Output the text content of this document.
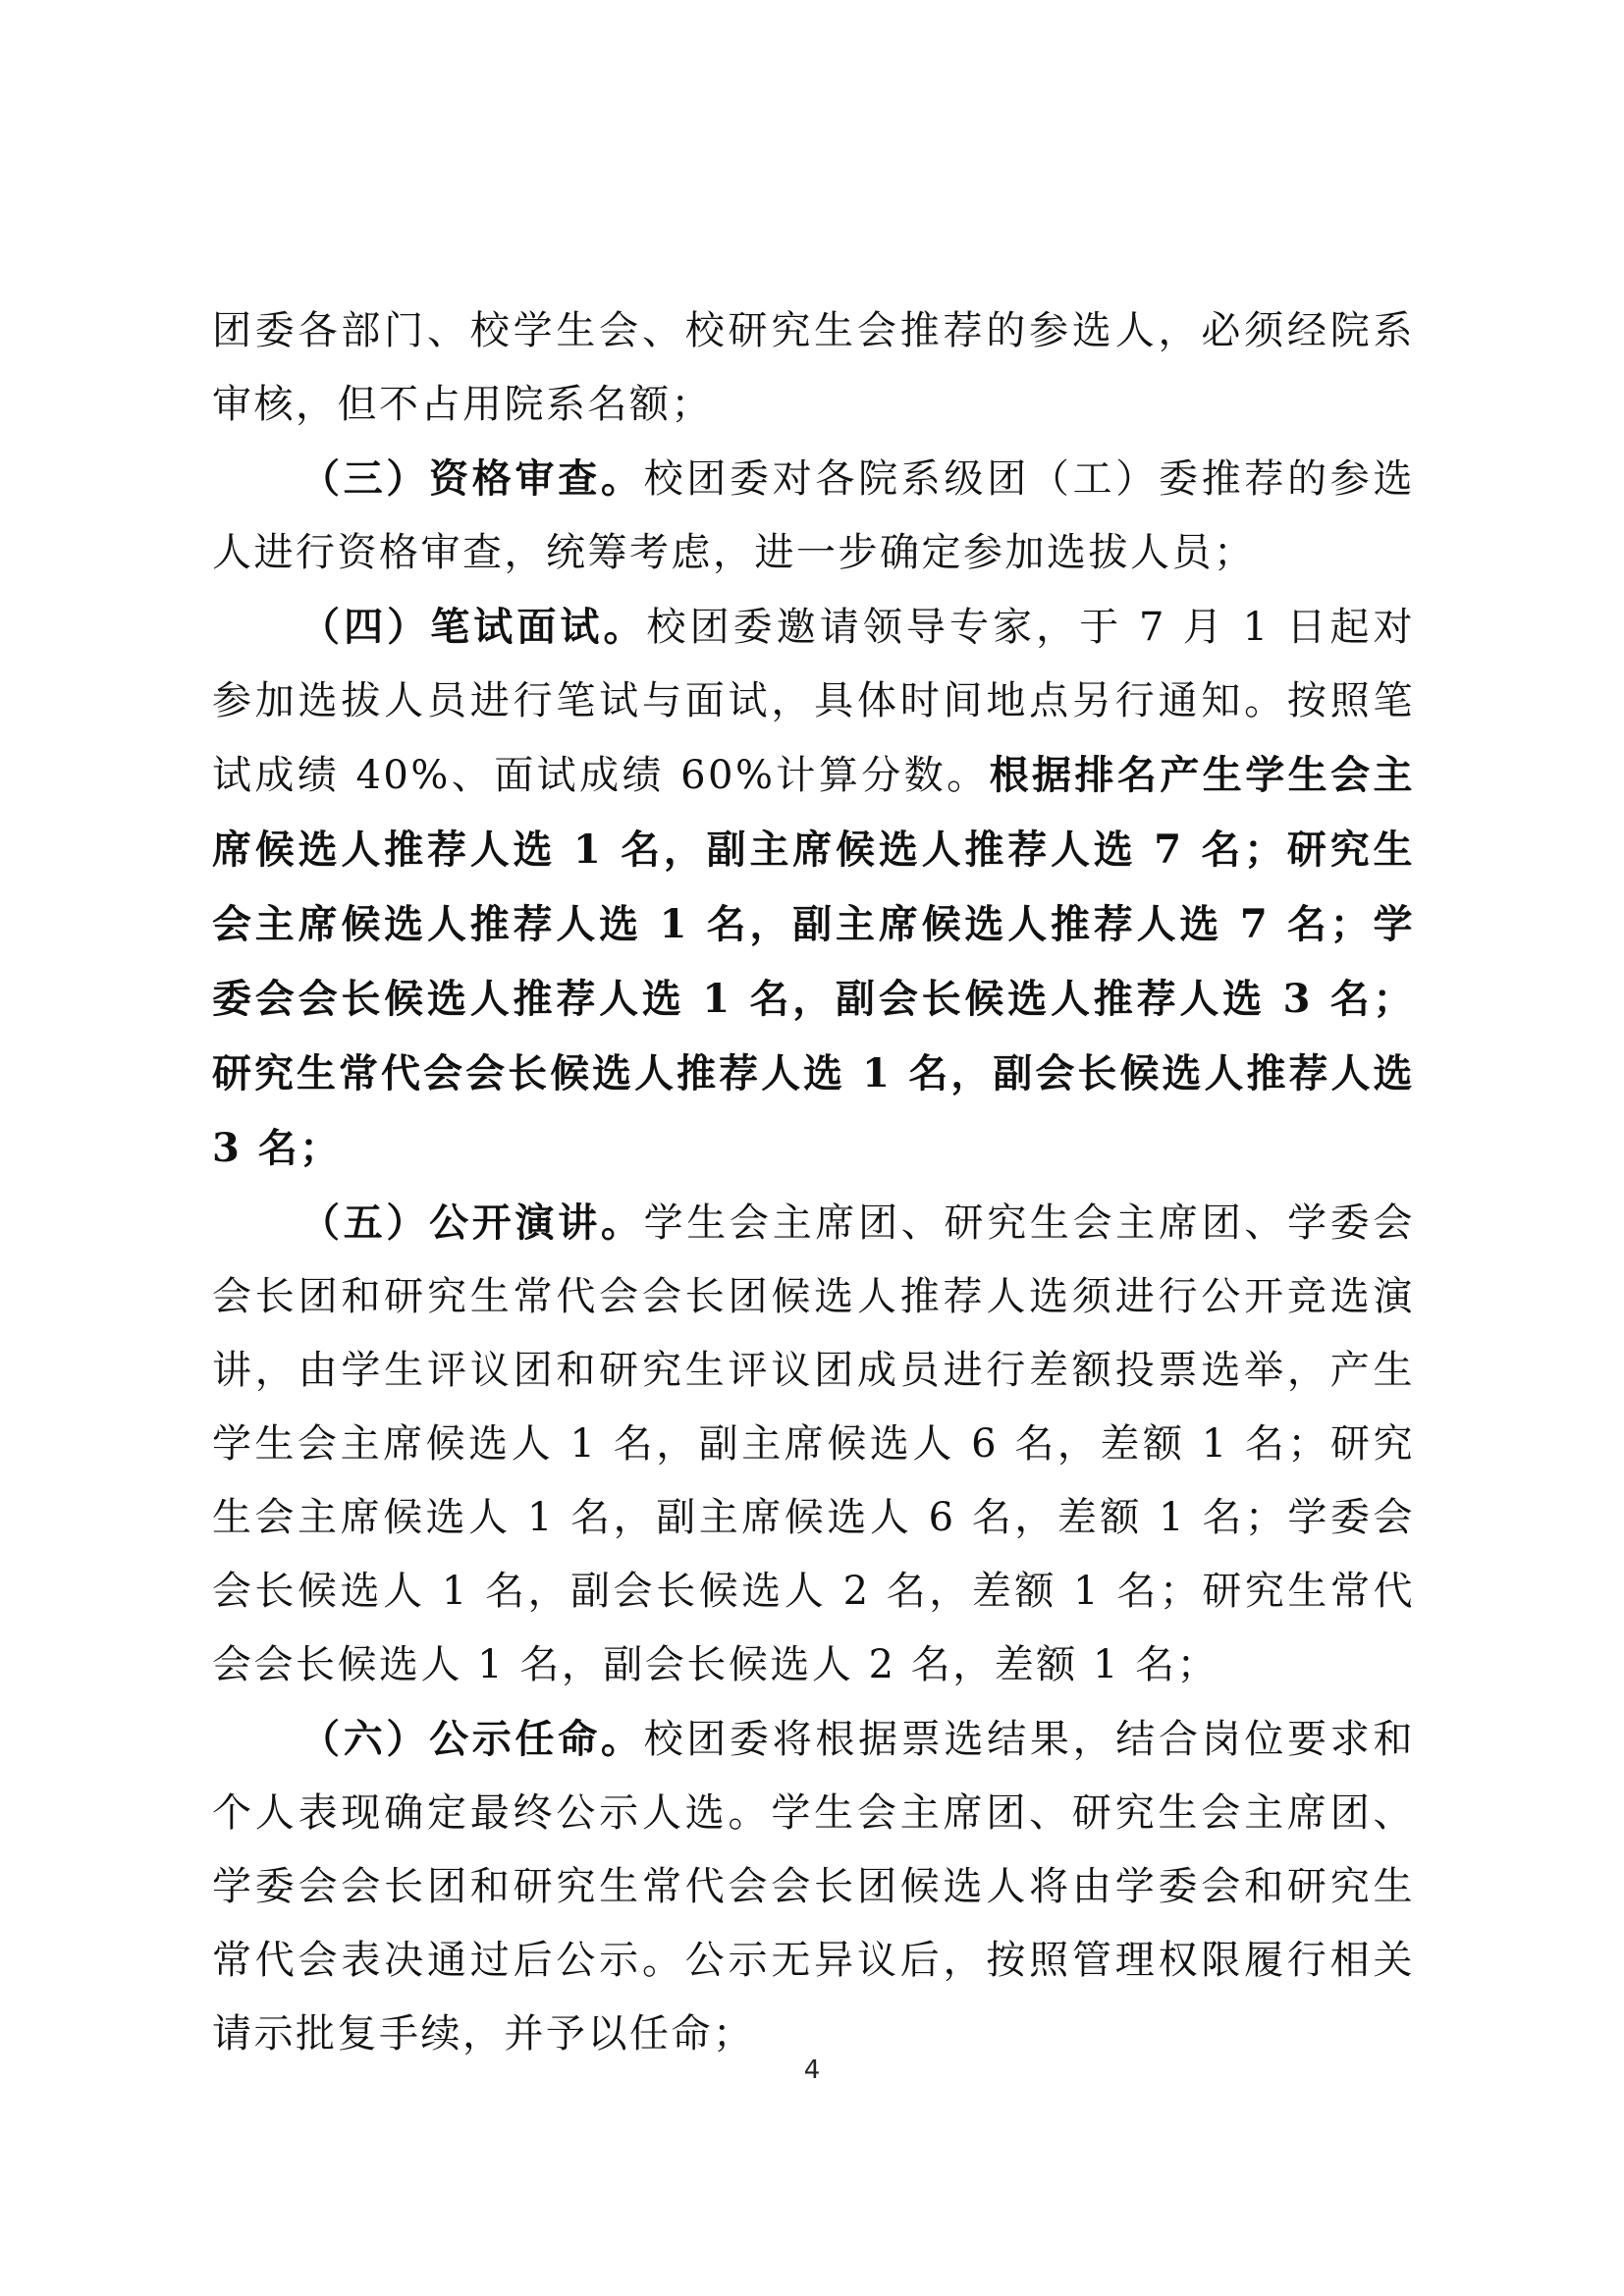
团委各部门、校学生会、校研究生会推荐的参选人，必须经院系审核，但不占用院系名额；

（三）资格审查。校团委对各院系级团（工）委推荐的参选人进行资格审查，统筹考虑，进一步确定参加选拔人员；

（四）笔试面试。校团委邀请领导专家，于 7 月 1 日起对参加选拔人员进行笔试与面试，具体时间地点另行通知。按照笔试成绩 40%、面试成绩 60%计算分数。根据排名产生学生会主席候选人推荐人选 1 名，副主席候选人推荐人选 7 名；研究生会主席候选人推荐人选 1 名，副主席候选人推荐人选 7 名；学委会会长候选人推荐人选 1 名，副会长候选人推荐人选 3 名；研究生常代会会长候选人推荐人选 1 名，副会长候选人推荐人选 3 名；

（五）公开演讲。学生会主席团、研究生会主席团、学委会会长团和研究生常代会会长团候选人推荐人选须进行公开竞选演讲，由学生评议团和研究生评议团成员进行差额投票选举，产生学生会主席候选人 1 名，副主席候选人 6 名，差额 1 名；研究生会主席候选人 1 名，副主席候选人 6 名，差额 1 名；学委会会长候选人 1 名，副会长候选人 2 名，差额 1 名；研究生常代会会长候选人 1 名，副会长候选人 2 名，差额 1 名；

（六）公示任命。校团委将根据票选结果，结合岗位要求和个人表现确定最终公示人选。学生会主席团、研究生会主席团、学委会会长团和研究生常代会会长团候选人将由学委会和研究生常代会表决通过后公示。公示无异议后，按照管理权限履行相关请示批复手续，并予以任命；

4
